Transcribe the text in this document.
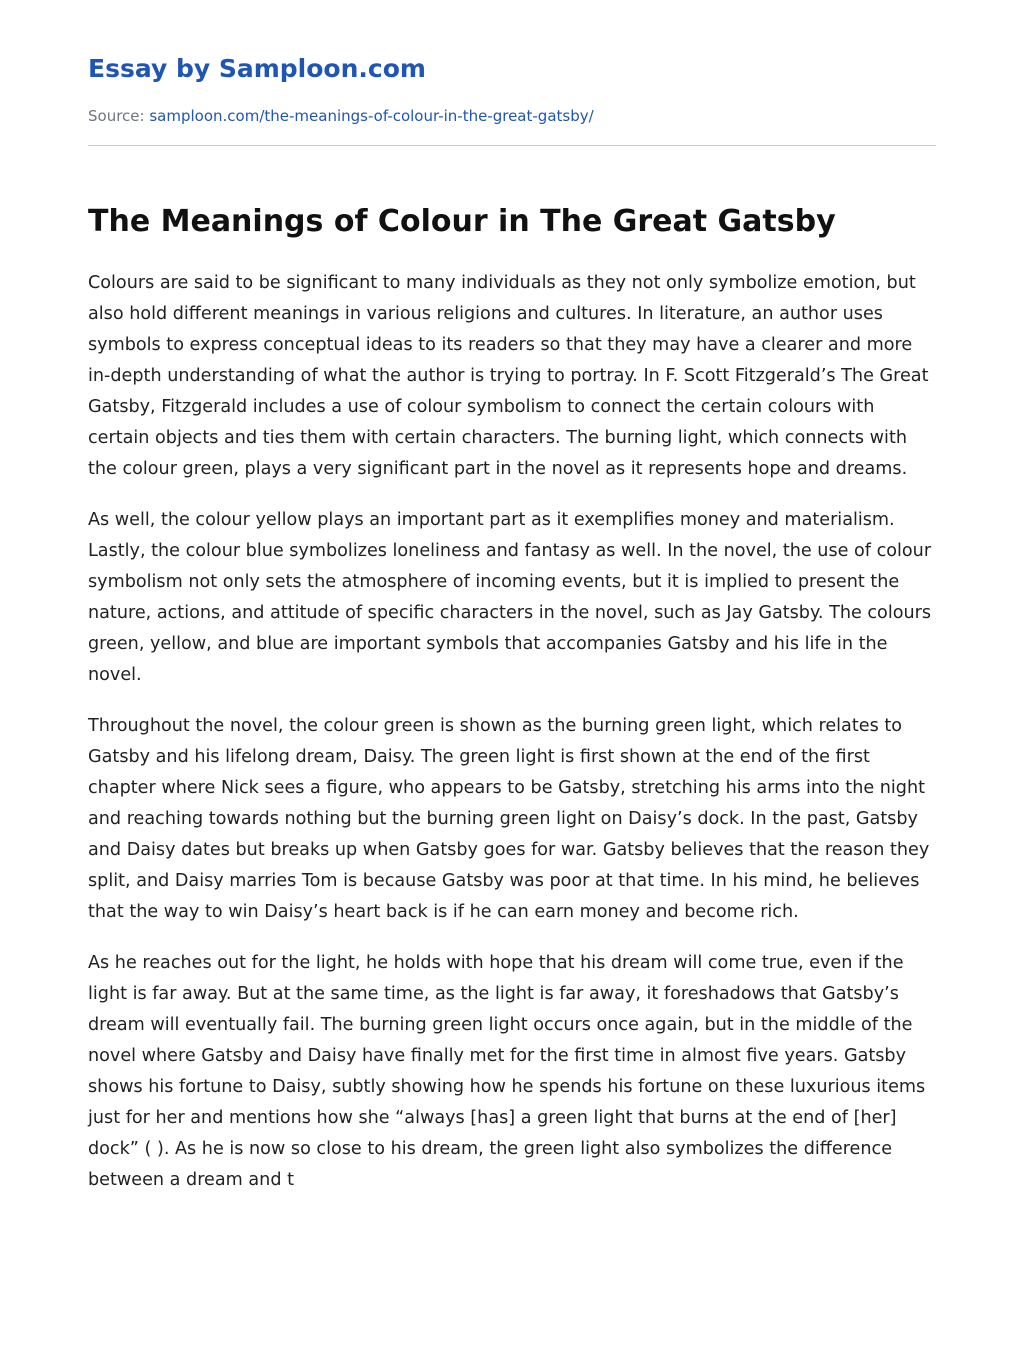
Essay by Samploon.com
Source: samploon.com/the-meanings-of-colour-in-the-great-gatsby/
The Meanings of Colour in The Great Gatsby

Colours are said to be significant to many individuals as they not only symbolize emotion, but also hold different meanings in various religions and cultures. In literature, an author uses symbols to express conceptual ideas to its readers so that they may have a clearer and more in-depth understanding of what the author is trying to portray. In F. Scott Fitzgerald’s The Great Gatsby, Fitzgerald includes a use of colour symbolism to connect the certain colours with certain objects and ties them with certain characters. The burning light, which connects with the colour green, plays a very significant part in the novel as it represents hope and dreams.

As well, the colour yellow plays an important part as it exemplifies money and materialism. Lastly, the colour blue symbolizes loneliness and fantasy as well. In the novel, the use of colour symbolism not only sets the atmosphere of incoming events, but it is implied to present the nature, actions, and attitude of specific characters in the novel, such as Jay Gatsby. The colours green, yellow, and blue are important symbols that accompanies Gatsby and his life in the novel.

Throughout the novel, the colour green is shown as the burning green light, which relates to Gatsby and his lifelong dream, Daisy. The green light is first shown at the end of the first chapter where Nick sees a figure, who appears to be Gatsby, stretching his arms into the night and reaching towards nothing but the burning green light on Daisy’s dock. In the past, Gatsby and Daisy dates but breaks up when Gatsby goes for war. Gatsby believes that the reason they split, and Daisy marries Tom is because Gatsby was poor at that time. In his mind, he believes that the way to win Daisy’s heart back is if he can earn money and become rich.

As he reaches out for the light, he holds with hope that his dream will come true, even if the light is far away. But at the same time, as the light is far away, it foreshadows that Gatsby’s dream will eventually fail. The burning green light occurs once again, but in the middle of the novel where Gatsby and Daisy have finally met for the first time in almost five years. Gatsby shows his fortune to Daisy, subtly showing how he spends his fortune on these luxurious items just for her and mentions how she “always [has] a green light that burns at the end of [her] dock” ( ). As he is now so close to his dream, the green light also symbolizes the difference between a dream and t
